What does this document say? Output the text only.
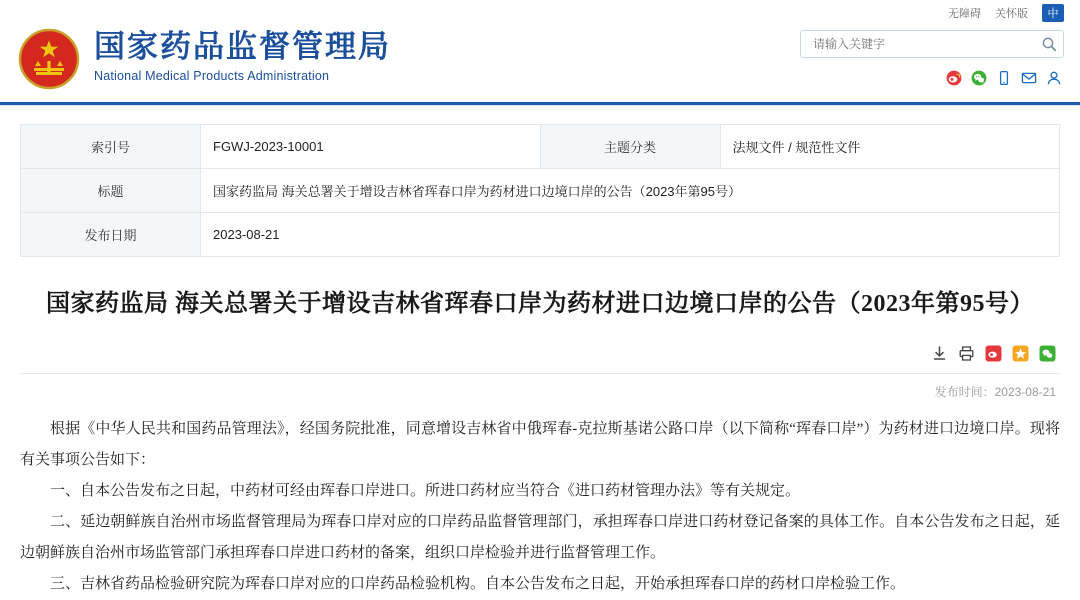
无障碍 关怀版	中
国家药品监督管理局
National Medical Products Administration
请输入关键字
索引号	FGWJ-2023-10001	主题分类	法规文件 / 规范性文件
标题	国家药监局 海关总署关于增设吉林省珲春口岸为药材进口边境口岸的公告（2023年第95号）		
发布日期	2023-08-21		
国家药监局 海关总署关于增设吉林省珲春口岸为药材进口边境口岸的公告（2023年第95号）
发布时间：2023-08-21

根据《中华人民共和国药品管理法》，经国务院批准，同意增设吉林省中俄珲春-克拉斯基诺公路口岸（以下简称“珲春口岸”）为药材进口边境口岸。现将有关事项公告如下：

一、自本公告发布之日起，中药材可经由珲春口岸进口。所进口药材应当符合《进口药材管理办法》等有关规定。

二、延边朝鲜族自治州市场监督管理局为珲春口岸对应的口岸药品监督管理部门，承担珲春口岸进口药材登记备案的具体工作。自本公告发布之日起，延边朝鲜族自治州市场监管部门承担珲春口岸进口药材的备案，组织口岸检验并进行监督管理工作。

三、吉林省药品检验研究院为珲春口岸对应的口岸药品检验机构。自本公告发布之日起，开始承担珲春口岸的药材口岸检验工作。
